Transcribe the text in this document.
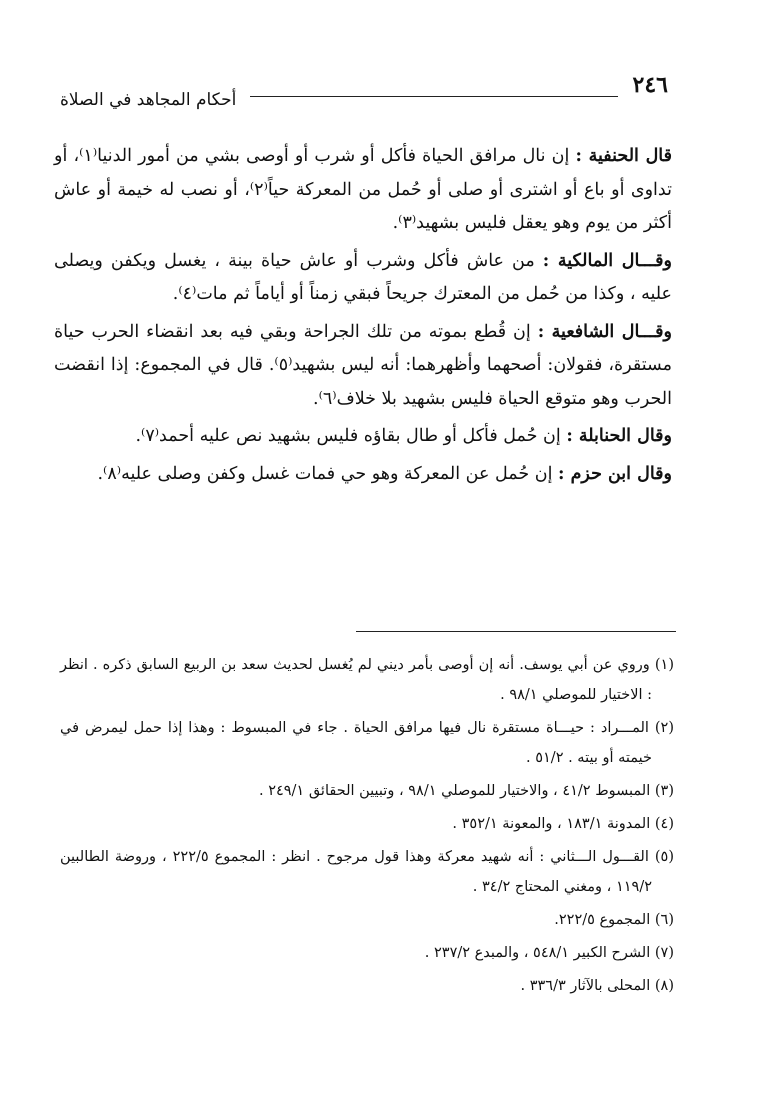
٢٤٦
أحكام المجاهد في الصلاة

قال الحنفية : إن نال مرافق الحياة فأكل أو شرب أو أوصى بشي من أمور الدنيا⁽١⁾، أو تداوى أو باع أو اشترى أو صلى أو حُمل من المعركة حياً⁽٢⁾، أو نصب له خيمة أو عاش أكثر من يوم وهو يعقل فليس بشهيد⁽٣⁾.

وقـــال المالكية : من عاش فأكل وشرب أو عاش حياة بينة ، يغسل ويكفن ويصلى عليه ، وكذا من حُمل من المعترك جريحاً فبقي زمناً أو أياماً ثم مات⁽٤⁾.

وقـــال الشافعية : إن قُطع بموته من تلك الجراحة وبقي فيه بعد انقضاء الحرب حياة مستقرة، فقولان: أصحهما وأظهرهما: أنه ليس بشهيد⁽٥⁾. قال في المجموع: إذا انقضت الحرب وهو متوقع الحياة فليس بشهيد بلا خلاف⁽٦⁾.

وقال الحنابلة : إن حُمل فأكل أو طال بقاؤه فليس بشهيد نص عليه أحمد⁽٧⁾.

وقال ابن حزم : إن حُمل عن المعركة وهو حي فمات غسل وكفن وصلى عليه⁽٨⁾.

(١) وروي عن أبي يوسف. أنه إن أوصى بأمر ديني لم يُغسل لحديث سعد بن الربيع السابق ذكره . انظر : الاختيار للموصلي ٩٨/١ .

(٢) المـــراد : حيـــاة مستقرة نال فيها مرافق الحياة . جاء في المبسوط : وهذا إذا حمل ليمرض في خيمته أو بيته . ٥١/٢ .

(٣) المبسوط ٤١/٢ ، والاختيار للموصلي ٩٨/١ ، وتبيين الحقائق ٢٤٩/١ .

(٤) المدونة ١٨٣/١ ، والمعونة ٣٥٢/١ .

(٥) القـــول الـــثاني : أنه شهيد معركة وهذا قول مرجوح . انظر : المجموع ٢٢٢/٥ ، وروضة الطالبين ١١٩/٢ ، ومغني المحتاج ٣٤/٢ .

(٦) المجموع ٢٢٢/٥.

(٧) الشرح الكبير ٥٤٨/١ ، والمبدع ٢٣٧/٢ .

(٨) المحلى بالآثار ٣٣٦/٣ .
